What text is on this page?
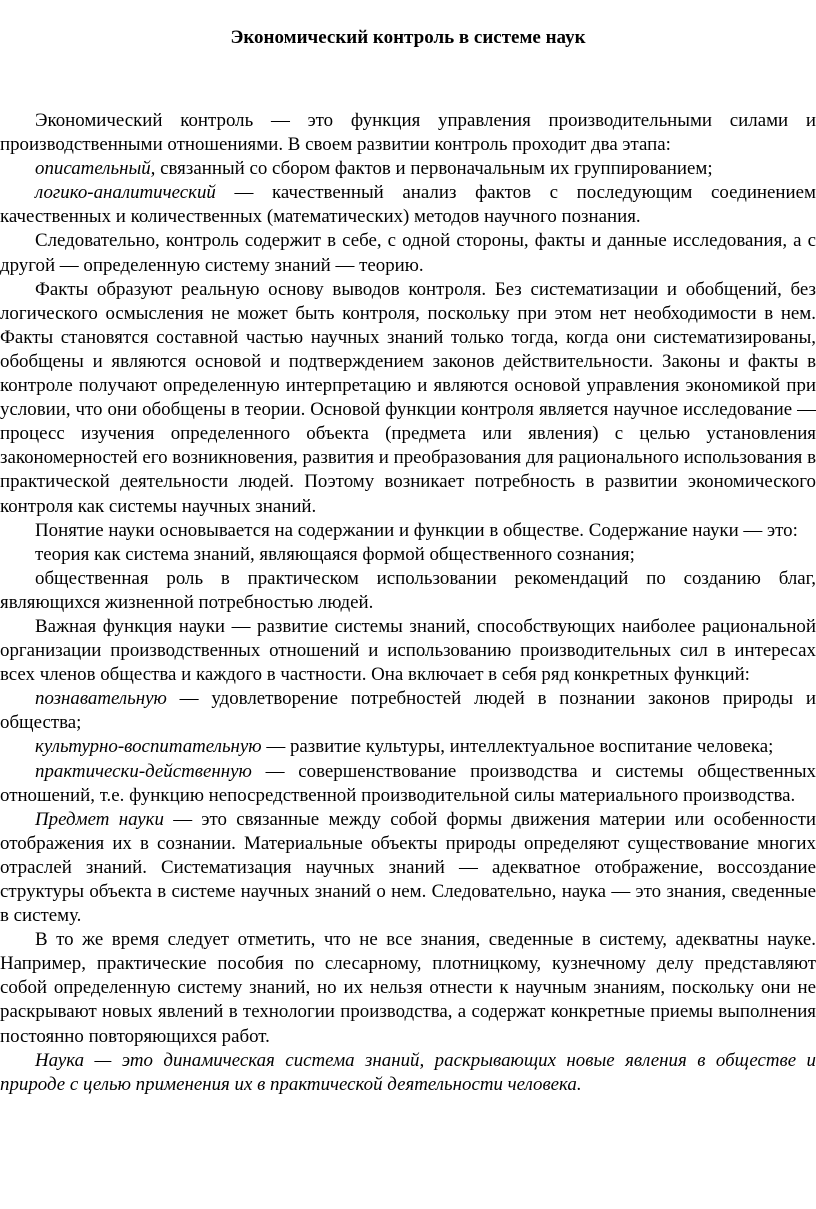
Экономический контроль в системе наук

Экономический контроль — это функция управления производительными силами и производственными отношениями. В своем развитии контроль проходит два этапа:

описательный, связанный со сбором фактов и первоначальным их группированием;

логико-аналитический — качественный анализ фактов с последующим соединением качественных и количественных (математических) методов научного познания.

Следовательно, контроль содержит в себе, с одной стороны, факты и данные исследования, а с другой — определенную систему знаний — теорию.

Факты образуют реальную основу выводов контроля. Без систематизации и обобщений, без логического осмысления не может быть контроля, поскольку при этом нет необходимости в нем. Факты становятся составной частью научных знаний только тогда, когда они систематизированы, обобщены и являются основой и подтверждением законов действительности. Законы и факты в контроле получают определенную интерпретацию и являются основой управления экономикой при условии, что они обобщены в теории. Основой функции контроля является научное исследование — процесс изучения определенного объекта (предмета или явления) с целью установления закономерностей его возникновения, развития и преобразования для рационального использования в практической деятельности людей. Поэтому возникает потребность в развитии экономического контроля как системы научных знаний.

Понятие науки основывается на содержании и функции в обществе. Содержание науки — это:

теория как система знаний, являющаяся формой общественного сознания;

общественная роль в практическом использовании рекомендаций по созданию благ, являющихся жизненной потребностью людей.

Важная функция науки — развитие системы знаний, способствующих наиболее рациональной организации производственных отношений и использованию производительных сил в интересах всех членов общества и каждого в частности. Она включает в себя ряд конкретных функций:

познавательную — удовлетворение потребностей людей в познании законов природы и общества;

культурно-воспитательную — развитие культуры, интеллектуальное воспитание человека;

практически-действенную — совершенствование производства и системы общественных отношений, т.е. функцию непосредственной производительной силы материального производства.

Предмет науки — это связанные между собой формы движения материи или особенности отображения их в сознании. Материальные объекты природы определяют существование многих отраслей знаний. Систематизация научных знаний — адекватное отображение, воссоздание структуры объекта в системе научных знаний о нем. Следовательно, наука — это знания, сведенные в систему.

В то же время следует отметить, что не все знания, сведенные в систему, адекватны науке. Например, практические пособия по слесарному, плотницкому, кузнечному делу представляют собой определенную систему знаний, но их нельзя отнести к научным знаниям, поскольку они не раскрывают новых явлений в технологии производства, а содержат конкретные приемы выполнения постоянно повторяющихся работ.

Наука — это динамическая система знаний, раскрывающих новые явления в обществе и природе с целью применения их в практической деятельности человека.
